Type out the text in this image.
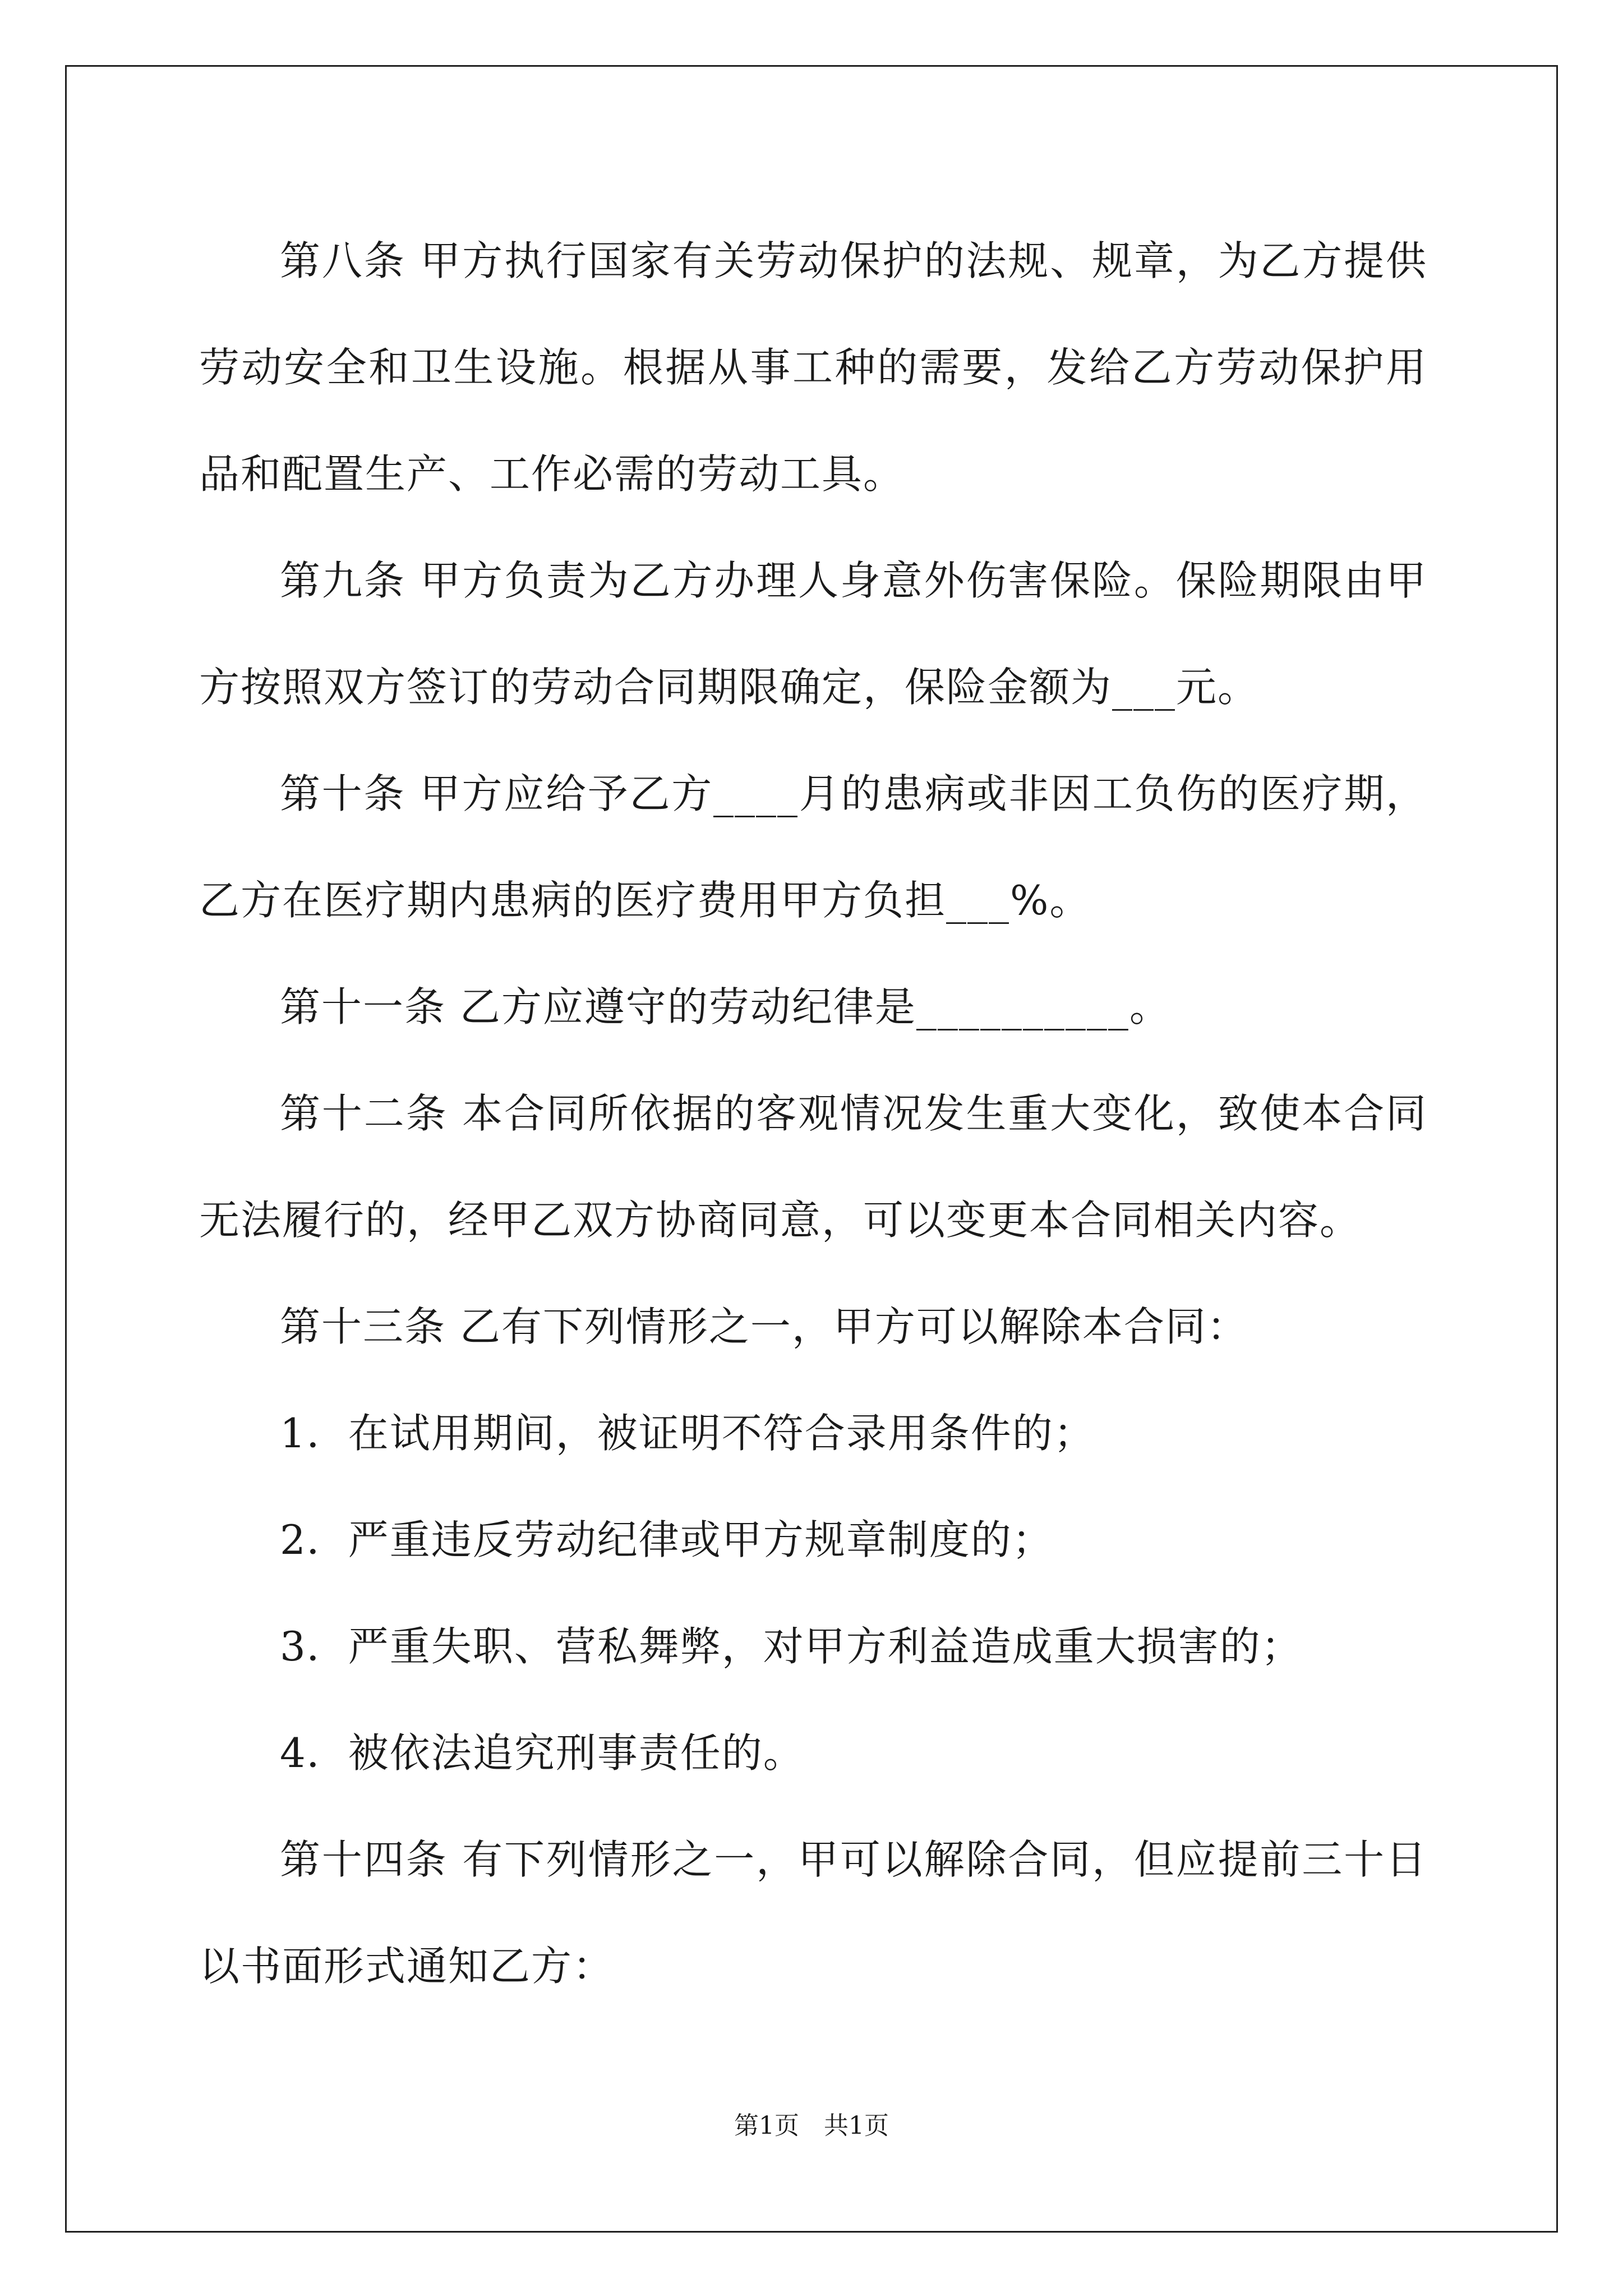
第八条 甲方执行国家有关劳动保护的法规、规章，为乙方提供劳动安全和卫生设施。根据从事工种的需要，发给乙方劳动保护用品和配置生产、工作必需的劳动工具。

第九条 甲方负责为乙方办理人身意外伤害保险。保险期限由甲方按照双方签订的劳动合同期限确定，保险金额为___元。

第十条 甲方应给予乙方____月的患病或非因工负伤的医疗期，乙方在医疗期内患病的医疗费用甲方负担___%。

第十一条 乙方应遵守的劳动纪律是__________。

第十二条 本合同所依据的客观情况发生重大变化，致使本合同无法履行的，经甲乙双方协商同意，可以变更本合同相关内容。

第十三条 乙有下列情形之一，甲方可以解除本合同：

1．在试用期间，被证明不符合录用条件的；

2．严重违反劳动纪律或甲方规章制度的；

3．严重失职、营私舞弊，对甲方利益造成重大损害的；

4．被依法追究刑事责任的。

第十四条 有下列情形之一，甲可以解除合同，但应提前三十日以书面形式通知乙方：

第1页　共1页
